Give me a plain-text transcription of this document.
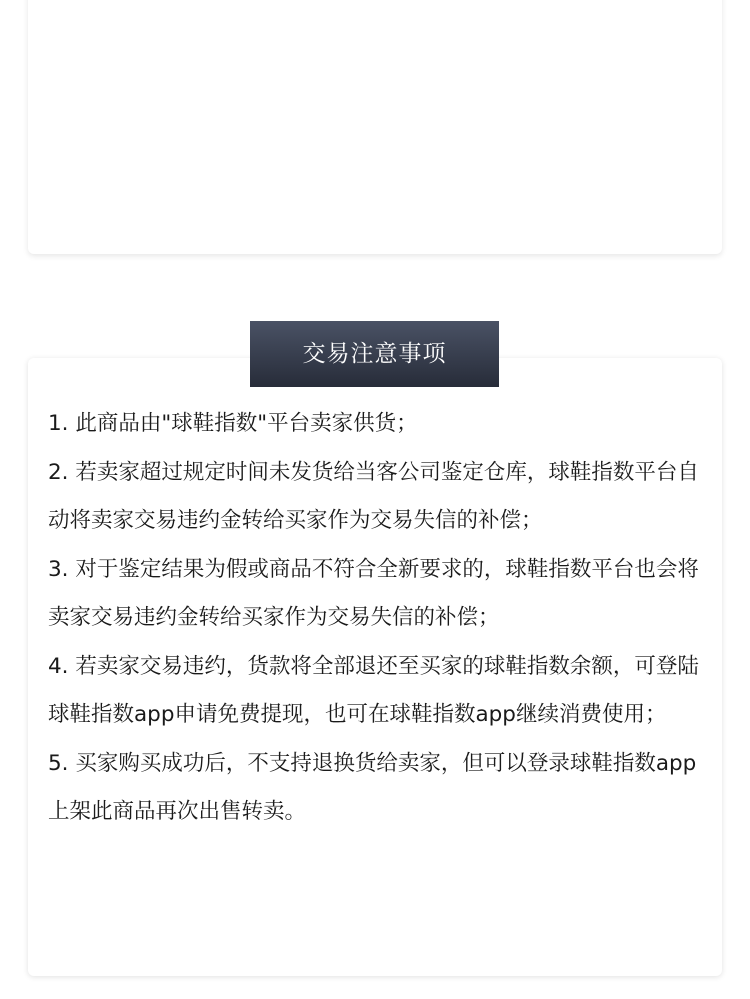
交易注意事项
1. 此商品由"球鞋指数"平台卖家供货；
2. 若卖家超过规定时间未发货给当客公司鉴定仓库，球鞋指数平台自动将卖家交易违约金转给买家作为交易失信的补偿；
3. 对于鉴定结果为假或商品不符合全新要求的，球鞋指数平台也会将卖家交易违约金转给买家作为交易失信的补偿；
4. 若卖家交易违约，货款将全部退还至买家的球鞋指数余额，可登陆球鞋指数app申请免费提现，也可在球鞋指数app继续消费使用；
5. 买家购买成功后，不支持退换货给卖家，但可以登录球鞋指数app上架此商品再次出售转卖。
